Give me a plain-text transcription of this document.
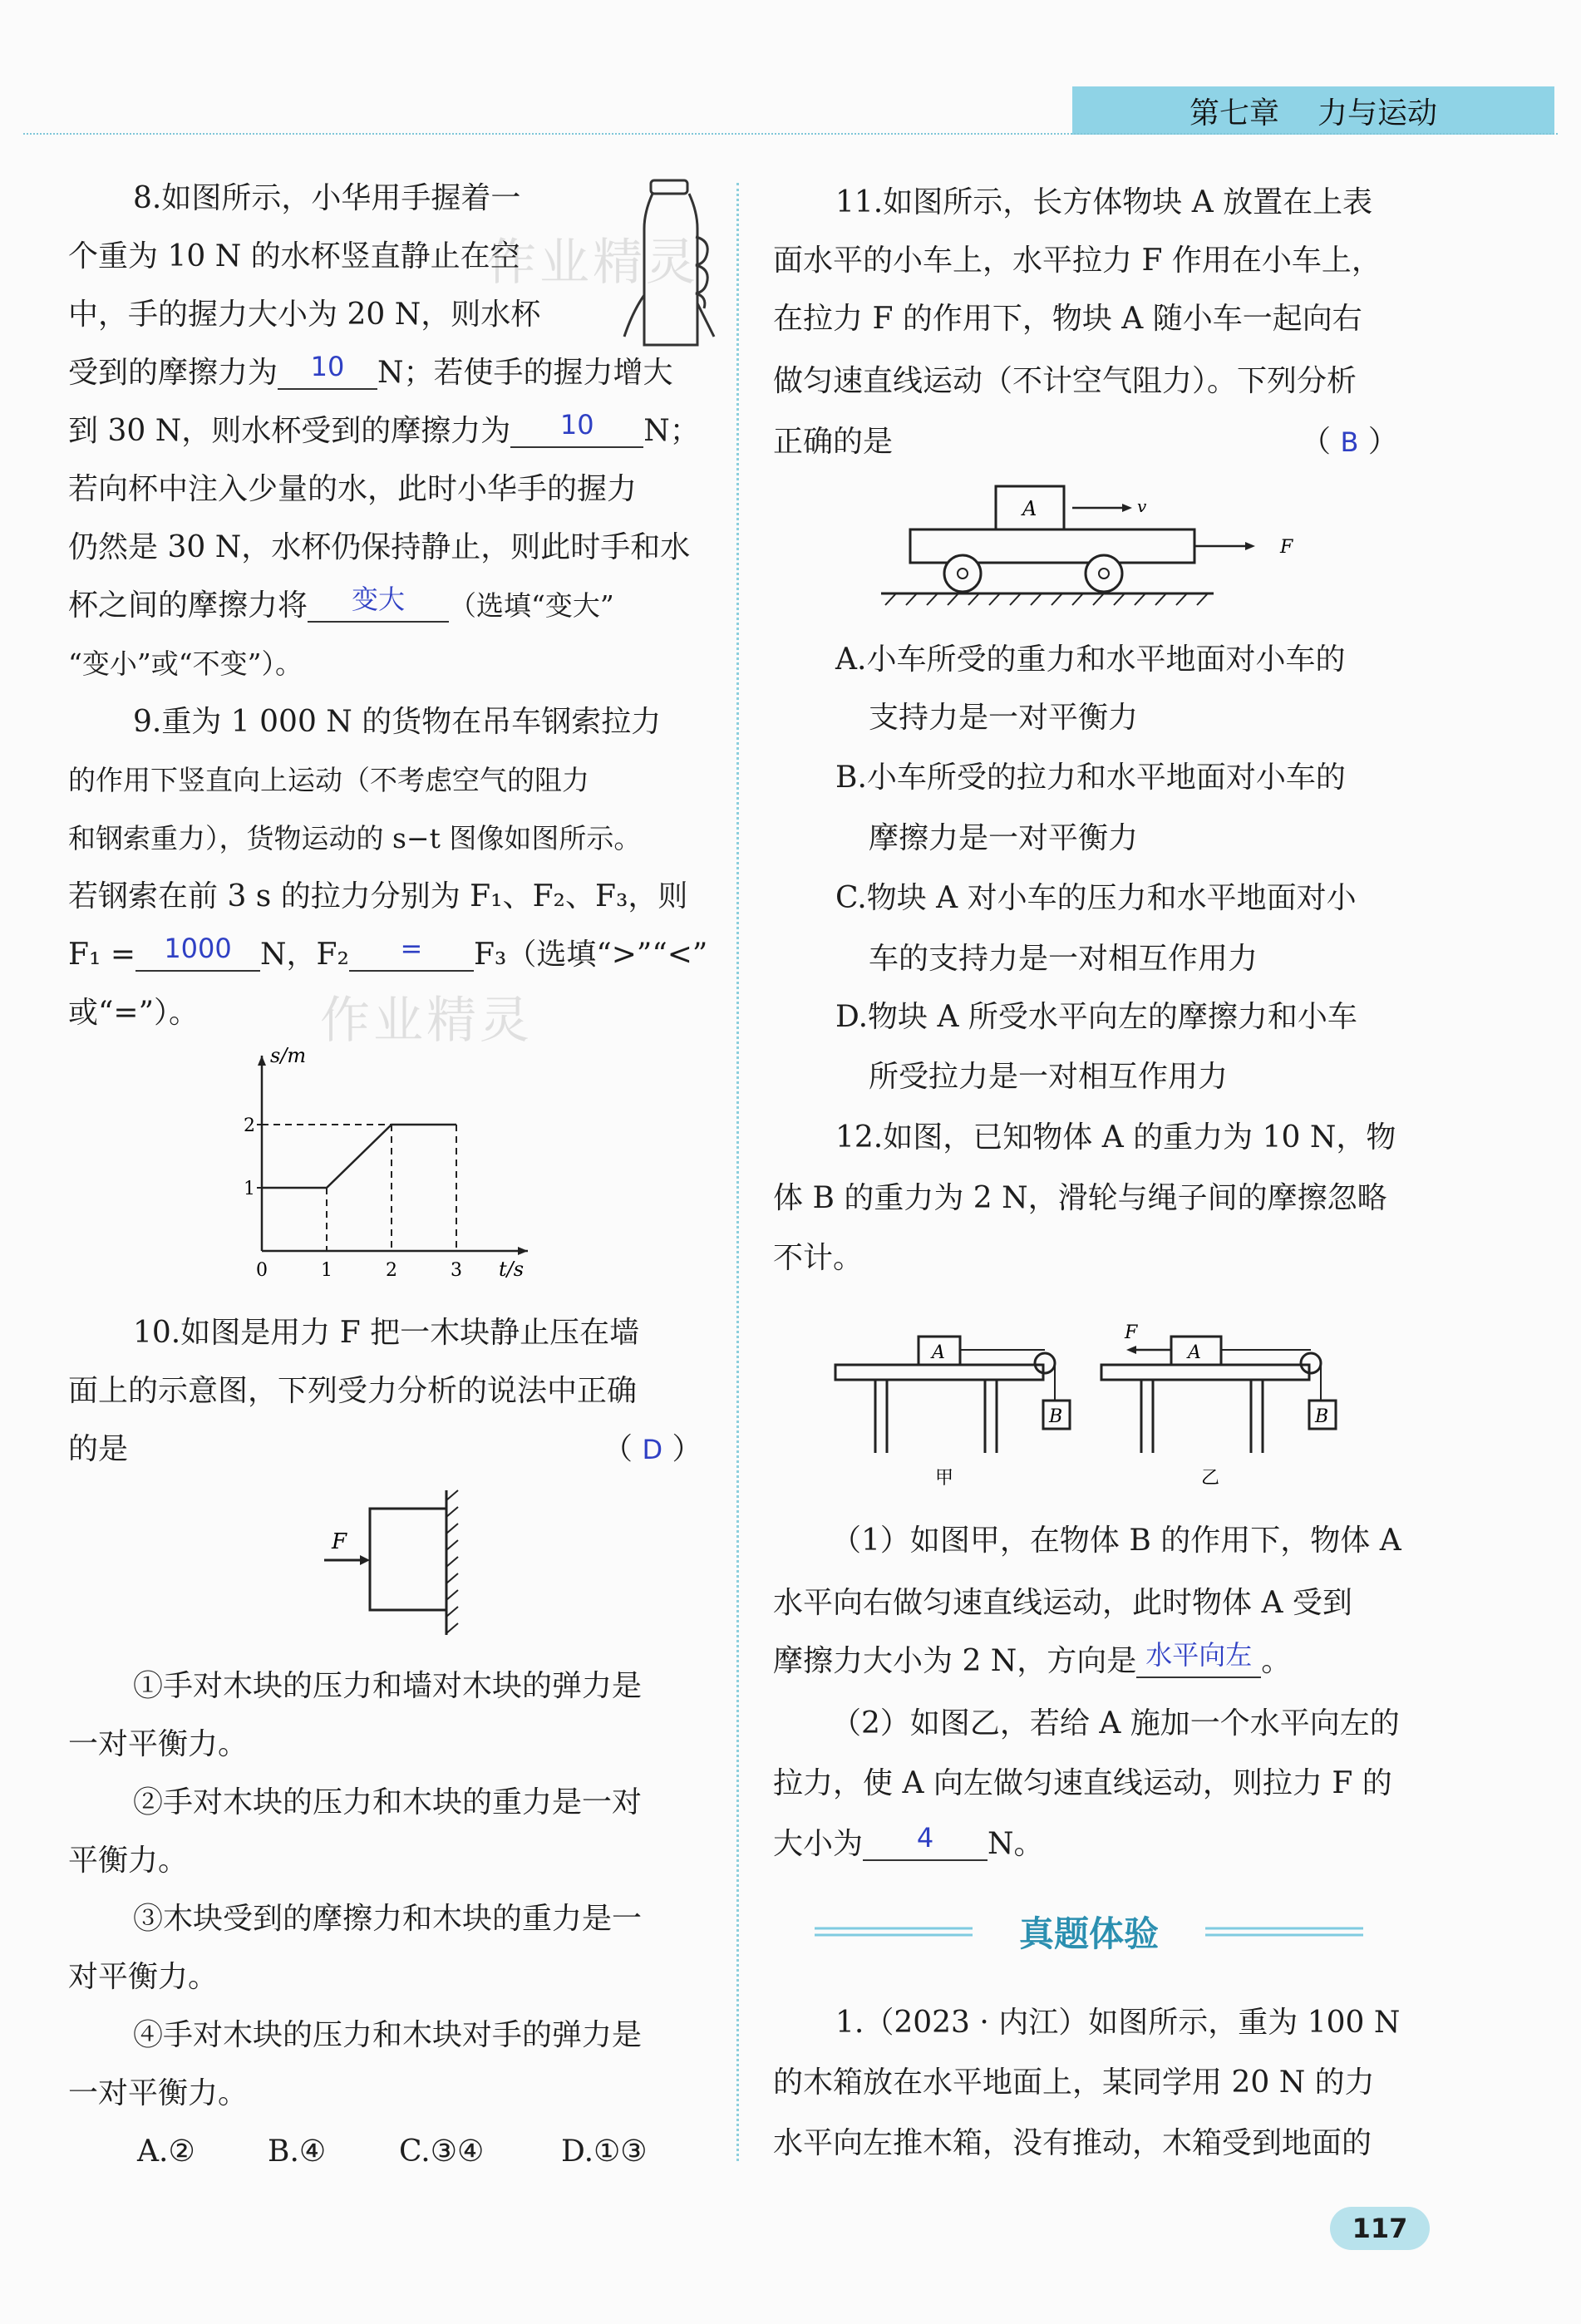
第七章 力与运动
作业精灵
作业精灵
8.如图所示，小华用手握着一
个重为 10 N 的水杯竖直静止在空
中，手的握力大小为 20 N，则水杯
受到的摩擦力为 10 N；若使手的握力增大
到 30 N，则水杯受到的摩擦力为 10 N；
若向杯中注入少量的水，此时小华手的握力
仍然是 30 N，水杯仍保持静止，则此时手和水
杯之间的摩擦力将 变大 （选填“变大”
“变小”或“不变”）。
9.重为 1 000 N 的货物在吊车钢索拉力
的作用下竖直向上运动（不考虑空气的阻力
和钢索重力），货物运动的 s−t 图像如图所示。
若钢索在前 3 s 的拉力分别为 F₁、F₂、F₃，则
F₁ = 1000 N，F₂ = F₃（选填“>”“<”
或“=”）。
t/s
s/m
0	1	2	3
1
2
10.如图是用力 F 把一木块静止压在墙
面上的示意图，下列受力分析的说法中正确
的是	（ D ）
F
①手对木块的压力和墙对木块的弹力是
一对平衡力。
②手对木块的压力和木块的重力是一对
平衡力。
③木块受到的摩擦力和木块的重力是一
对平衡力。
④手对木块的压力和木块对手的弹力是
一对平衡力。
A.② B.④ C.③④	D.①③
11.如图所示，长方体物块 A 放置在上表
面水平的小车上，水平拉力 F 作用在小车上，
在拉力 F 的作用下，物块 A 随小车一起向右
做匀速直线运动（不计空气阻力）。下列分析
正确的是	（ B ）
A	v
F
A.小车所受的重力和水平地面对小车的
支持力是一对平衡力
B.小车所受的拉力和水平地面对小车的
摩擦力是一对平衡力
C.物块 A 对小车的压力和水平地面对小
车的支持力是一对相互作用力
D.物块 A 所受水平向左的摩擦力和小车
所受拉力是一对相互作用力
12.如图，已知物体 A 的重力为 10 N，物
体 B 的重力为 2 N，滑轮与绳子间的摩擦忽略
不计。
A
B
甲
A
F
B
乙
（1）如图甲，在物体 B 的作用下，物体 A
水平向右做匀速直线运动，此时物体 A 受到
摩擦力大小为 2 N，方向是 水平向左 。
（2）如图乙，若给 A 施加一个水平向左的
拉力，使 A 向左做匀速直线运动，则拉力 F 的
大小为 4 N。
真题体验
1.（2023 · 内江）如图所示，重为 100 N
的木箱放在水平地面上，某同学用 20 N 的力
水平向左推木箱，没有推动，木箱受到地面的
117
